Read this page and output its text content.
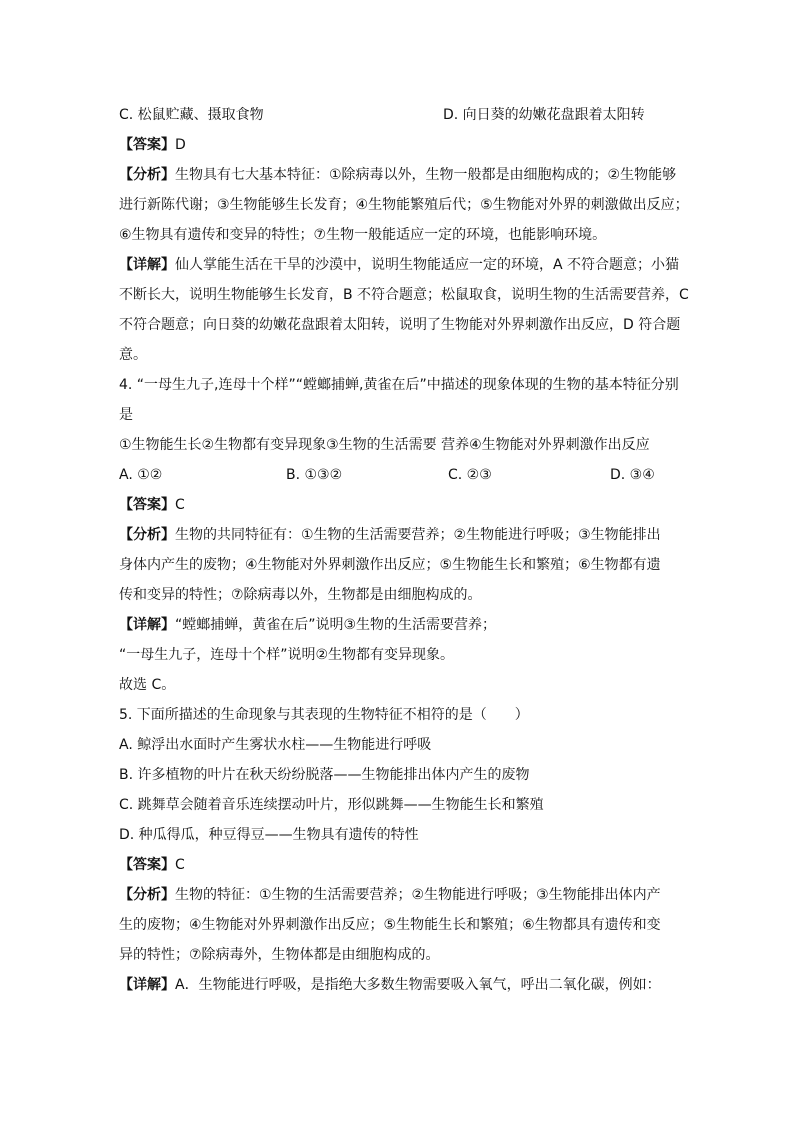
C. 松鼠贮藏、摄取食物	D. 向日葵的幼嫩花盘跟着太阳转
【答案】D
【分析】生物具有七大基本特征：①除病毒以外，生物一般都是由细胞构成的；②生物能够
进行新陈代谢；③生物能够生长发育；④生物能繁殖后代；⑤生物能对外界的刺激做出反应；
⑥生物具有遗传和变异的特性；⑦生物一般能适应一定的环境，也能影响环境。
【详解】仙人掌能生活在干旱的沙漠中，说明生物能适应一定的环境，A 不符合题意；小猫
不断长大，说明生物能够生长发育，B 不符合题意；松鼠取食，说明生物的生活需要营养，C
不符合题意；向日葵的幼嫩花盘跟着太阳转，说明了生物能对外界刺激作出反应，D 符合题
意。
4. “一母生九子,连母十个样”“螳螂捕蝉,黄雀在后”中描述的现象体现的生物的基本特征分别
是
①生物能生长②生物都有变异现象③生物的生活需要 营养④生物能对外界刺激作出反应
A. ①②	B. ①③②	C. ②③	D. ③④
【答案】C
【分析】生物的共同特征有：①生物的生活需要营养；②生物能进行呼吸；③生物能排出
身体内产生的废物；④生物能对外界刺激作出反应；⑤生物能生长和繁殖；⑥生物都有遗
传和变异的特性；⑦除病毒以外，生物都是由细胞构成的。
【详解】“螳螂捕蝉，黄雀在后”说明③生物的生活需要营养；
“一母生九子，连母十个样”说明②生物都有变异现象。
故选 C。
5. 下面所描述的生命现象与其表现的生物特征不相符的是（　　）
A. 鲸浮出水面时产生雾状水柱——生物能进行呼吸
B. 许多植物的叶片在秋天纷纷脱落——生物能排出体内产生的废物
C. 跳舞草会随着音乐连续摆动叶片，形似跳舞——生物能生长和繁殖
D. 种瓜得瓜，种豆得豆——生物具有遗传的特性
【答案】C
【分析】生物的特征：①生物的生活需要营养；②生物能进行呼吸；③生物能排出体内产
生的废物；④生物能对外界刺激作出反应；⑤生物能生长和繁殖；⑥生物都具有遗传和变
异的特性；⑦除病毒外，生物体都是由细胞构成的。
【详解】A．生物能进行呼吸，是指绝大多数生物需要吸入氧气，呼出二氧化碳，例如：
